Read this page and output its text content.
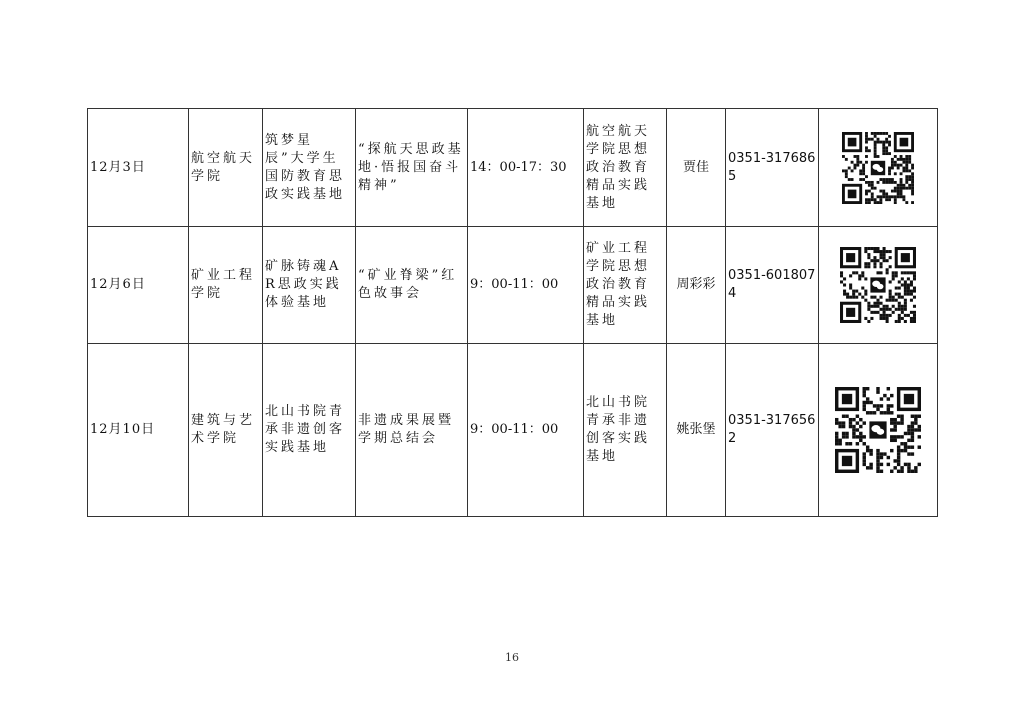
12月3日	航空航天学院	筑梦星辰”大学生国防教育思政实践基地	“探航天思政基地·悟报国奋斗精神”	14：00-17：30	航空航天学院思想政治教育精品实践基地	贾佳	0351-3176865	
12月6日	矿业工程学院	矿脉铸魂AR思政实践体验基地	“矿业脊梁”红色故事会	9：00-11：00	矿业工程学院思想政治教育精品实践基地	周彩彩	0351-6018074	
12月10日	建筑与艺术学院	北山书院青承非遗创客实践基地	非遗成果展暨学期总结会	9：00-11：00	北山书院青承非遗创客实践基地	姚张堡	0351-3176562	
16
